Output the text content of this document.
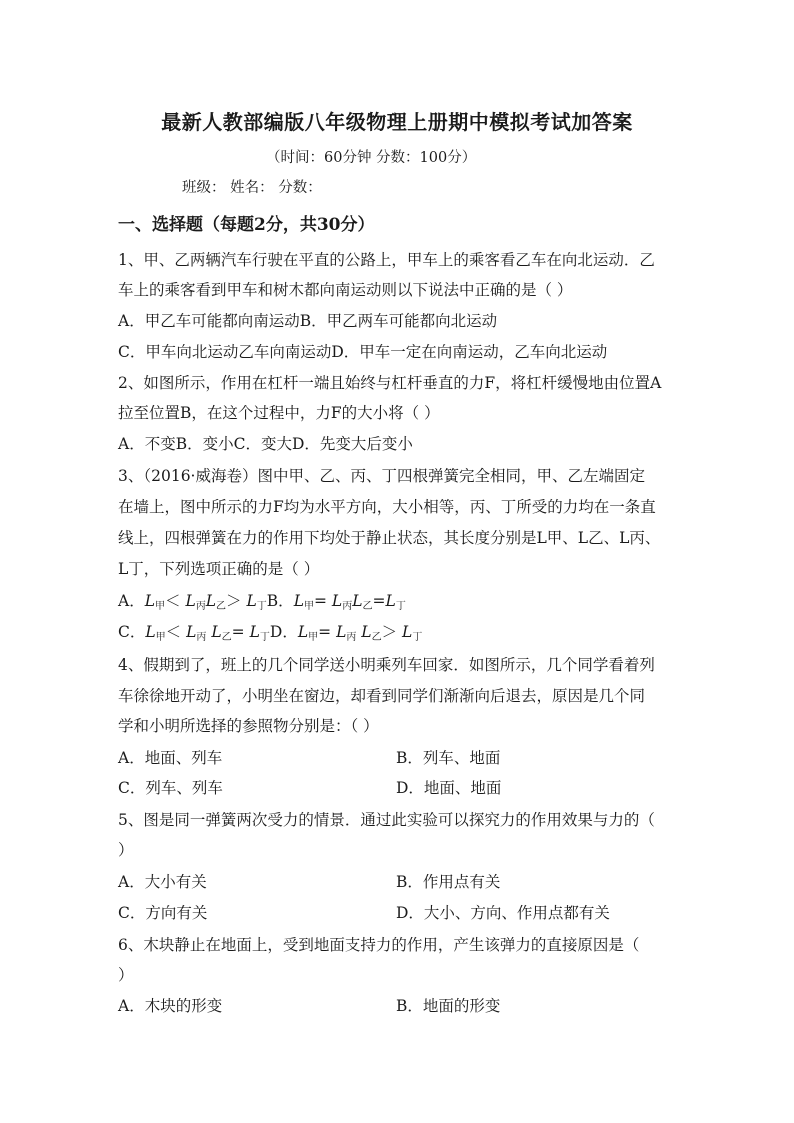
最新人教部编版八年级物理上册期中模拟考试加答案
（时间：60分钟 分数：100分）
班级： 姓名： 分数：
一、选择题（每题2分，共30分）
1、甲、乙两辆汽车行驶在平直的公路上，甲车上的乘客看乙车在向北运动．乙
车上的乘客看到甲车和树木都向南运动则以下说法中正确的是（ ）
A．甲乙车可能都向南运动B．甲乙两车可能都向北运动
C．甲车向北运动乙车向南运动D．甲车一定在向南运动，乙车向北运动
2、如图所示，作用在杠杆一端且始终与杠杆垂直的力F，将杠杆缓慢地由位置A
拉至位置B，在这个过程中，力F的大小将（ ）
A．不变B．变小C．变大D．先变大后变小
3、（2016·威海卷）图中甲、乙、丙、丁四根弹簧完全相同，甲、乙左端固定
在墙上，图中所示的力F均为水平方向，大小相等，丙、丁所受的力均在一条直
线上，四根弹簧在力的作用下均处于静止状态，其长度分别是L甲、L乙、L丙、
L丁，下列选项正确的是（ ）
A．$L_甲< L_丙L_乙> L_丁B$．$L_甲= L_丙L_乙=L_丁$
C．$L_甲< L_丙$ $L_乙= L_丁D$．$L_甲= L_丙$ $L_乙> L_丁$
4、假期到了，班上的几个同学送小明乘列车回家．如图所示，几个同学看着列
车徐徐地开动了，小明坐在窗边，却看到同学们渐渐向后退去，原因是几个同
学和小明所选择的参照物分别是：（ ）
A．地面、列车	B．列车、地面
C．列车、列车	D．地面、地面
5、图是同一弹簧两次受力的情景．通过此实验可以探究力的作用效果与力的（
）
A．大小有关	B．作用点有关
C．方向有关	D．大小、方向、作用点都有关
6、木块静止在地面上，受到地面支持力的作用，产生该弹力的直接原因是（
）
A．木块的形变	B．地面的形变
